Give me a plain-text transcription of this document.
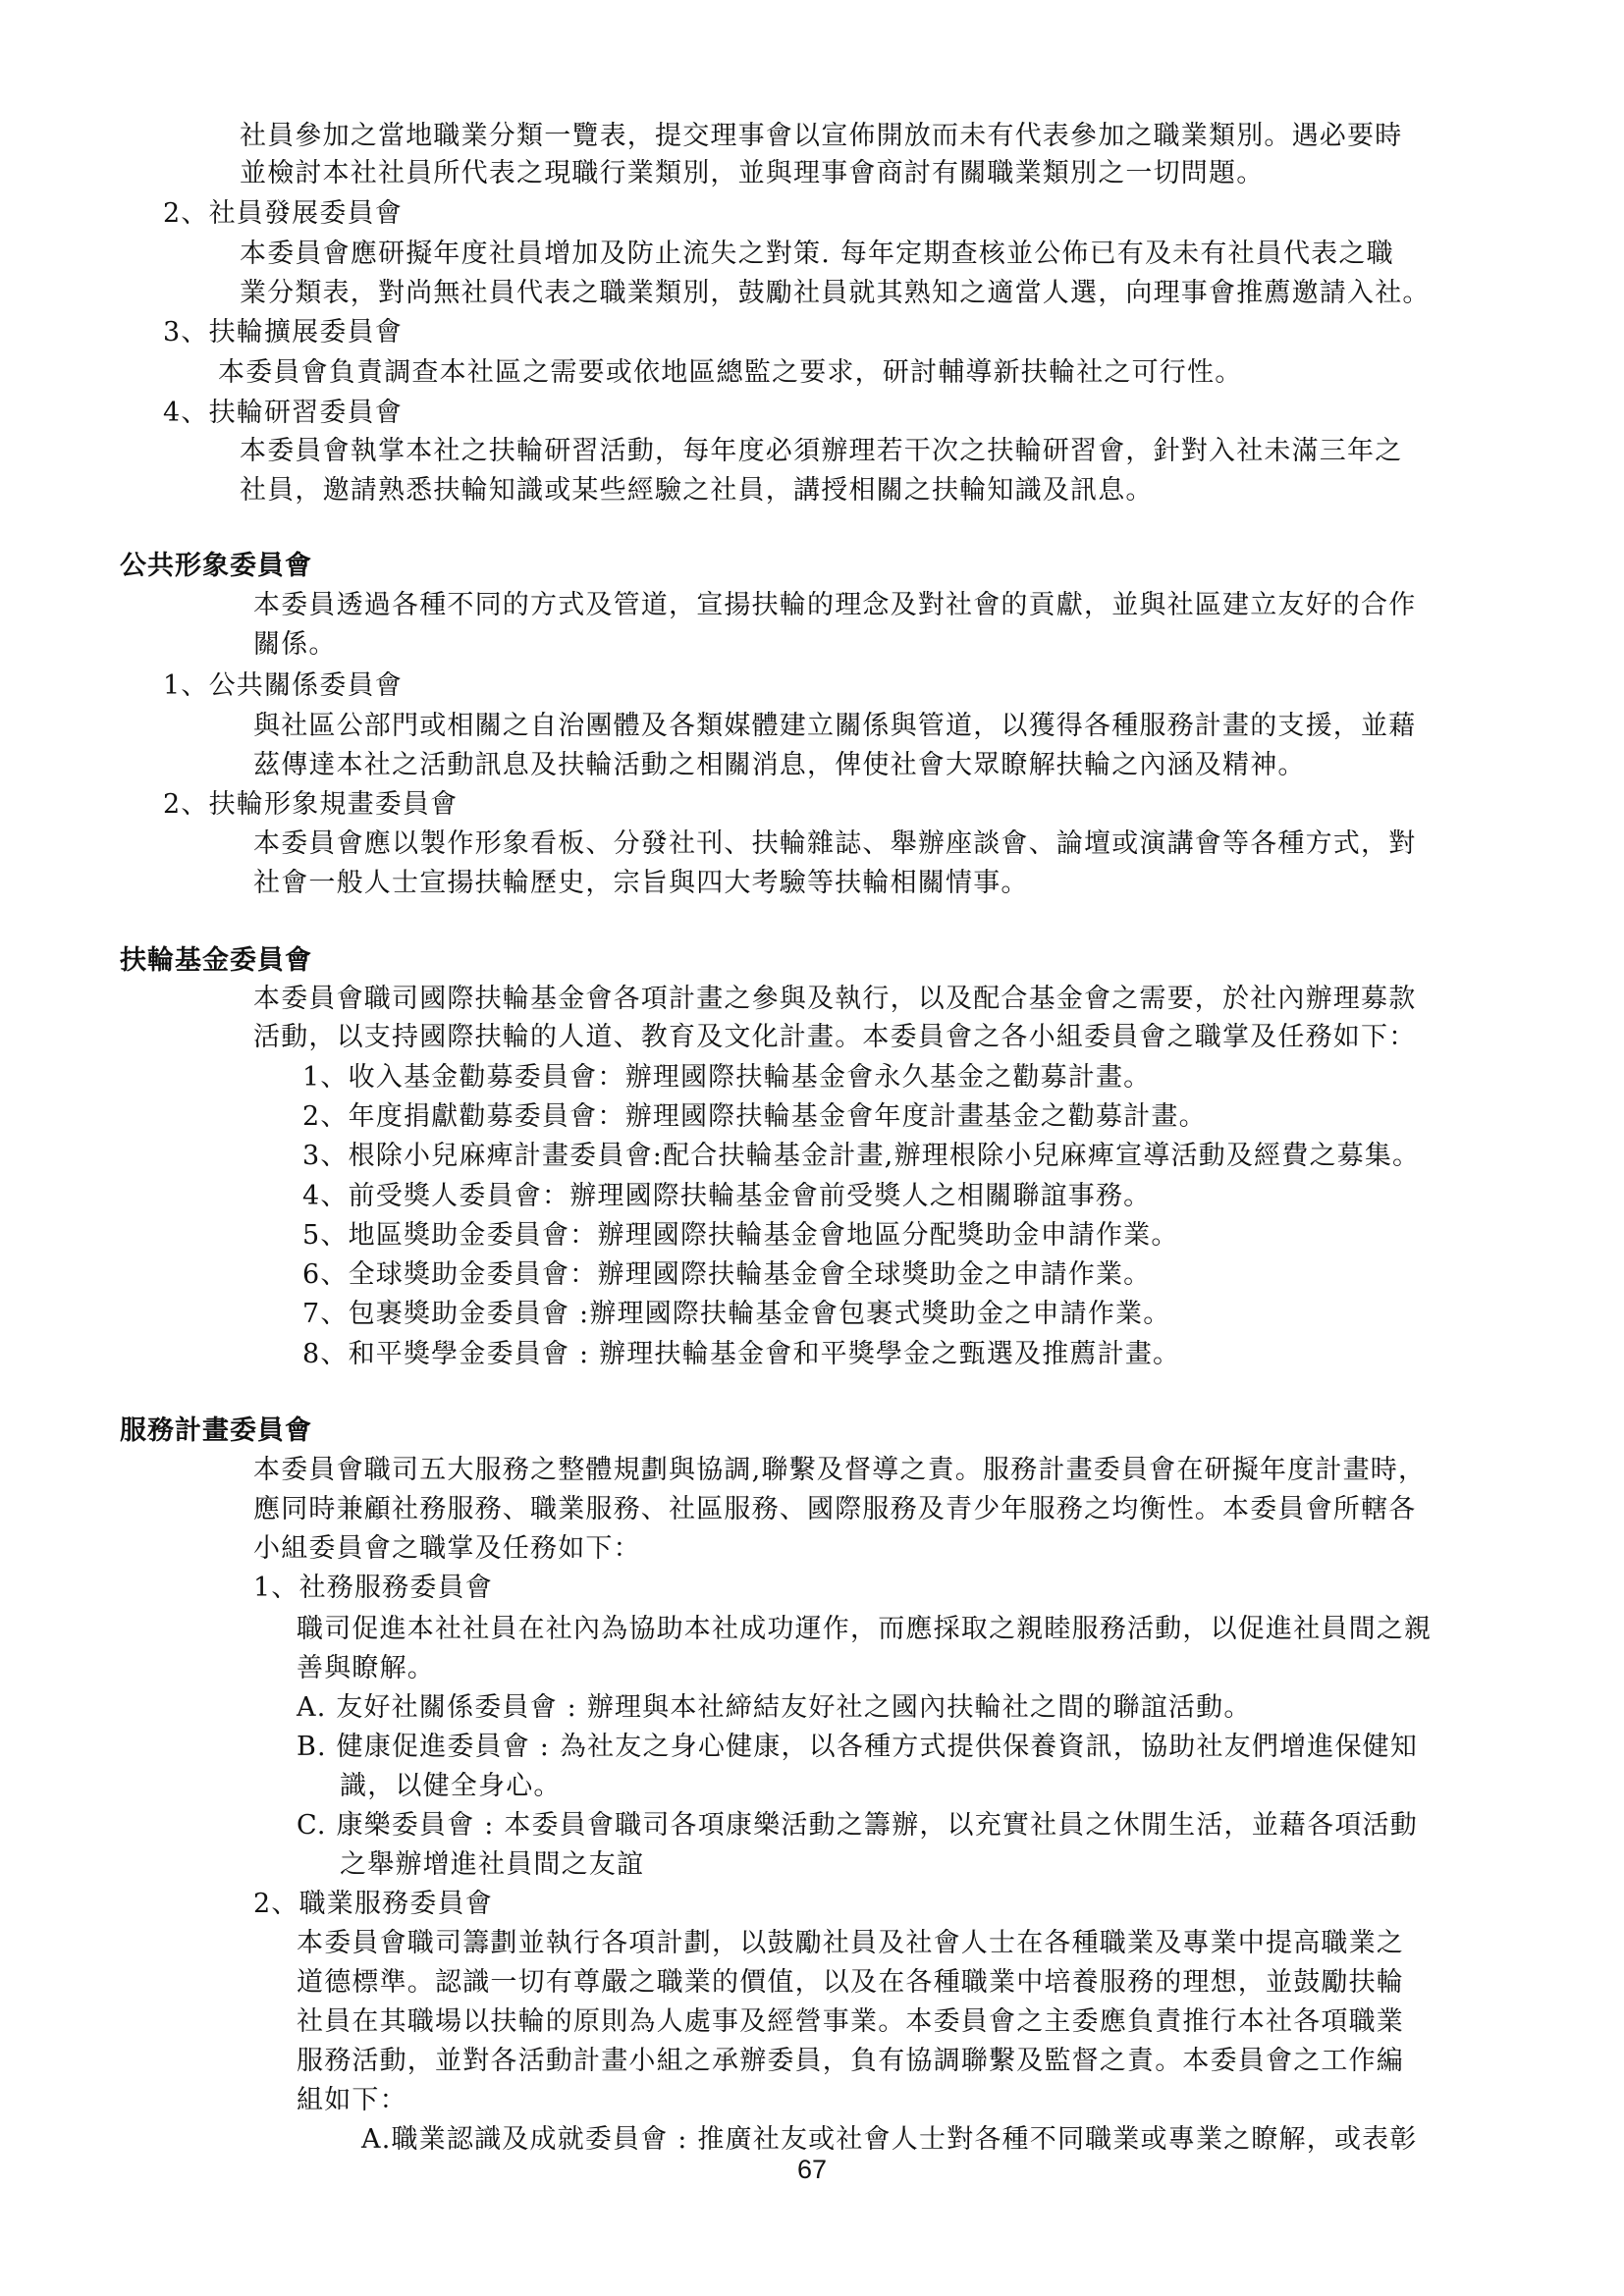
社員參加之當地職業分類一覽表，提交理事會以宣佈開放而未有代表參加之職業類別。遇必要時
並檢討本社社員所代表之現職行業類別，並與理事會商討有關職業類別之一切問題。
2、社員發展委員會
本委員會應研擬年度社員增加及防止流失之對策. 每年定期查核並公佈已有及未有社員代表之職
業分類表，對尚無社員代表之職業類別，鼓勵社員就其熟知之適當人選，向理事會推薦邀請入社。
3、扶輪擴展委員會
本委員會負責調查本社區之需要或依地區總監之要求，研討輔導新扶輪社之可行性。
4、扶輪研習委員會
本委員會執掌本社之扶輪研習活動，每年度必須辦理若干次之扶輪研習會，針對入社未滿三年之
社員，邀請熟悉扶輪知識或某些經驗之社員，講授相關之扶輪知識及訊息。
公共形象委員會
本委員透過各種不同的方式及管道，宣揚扶輪的理念及對社會的貢獻，並與社區建立友好的合作
關係。
1、公共關係委員會
與社區公部門或相關之自治團體及各類媒體建立關係與管道，以獲得各種服務計畫的支援，並藉
茲傳達本社之活動訊息及扶輪活動之相關消息，俾使社會大眾瞭解扶輪之內涵及精神。
2、扶輪形象規畫委員會
本委員會應以製作形象看板、分發社刊、扶輪雜誌、舉辦座談會、論壇或演講會等各種方式，對
社會一般人士宣揚扶輪歷史，宗旨與四大考驗等扶輪相關情事。
扶輪基金委員會
本委員會職司國際扶輪基金會各項計畫之參與及執行，以及配合基金會之需要，於社內辦理募款
活動，以支持國際扶輪的人道、教育及文化計畫。本委員會之各小組委員會之職掌及任務如下：
1、收入基金勸募委員會：辦理國際扶輪基金會永久基金之勸募計畫。
2、年度捐獻勸募委員會：辦理國際扶輪基金會年度計畫基金之勸募計畫。
3、根除小兒麻痺計畫委員會:配合扶輪基金計畫,辦理根除小兒麻痺宣導活動及經費之募集。
4、前受獎人委員會：辦理國際扶輪基金會前受獎人之相關聯誼事務。
5、地區獎助金委員會：辦理國際扶輪基金會地區分配獎助金申請作業。
6、全球獎助金委員會：辦理國際扶輪基金會全球獎助金之申請作業。
7、包裹獎助金委員會 :辦理國際扶輪基金會包裹式獎助金之申請作業。
8、和平獎學金委員會 : 辦理扶輪基金會和平獎學金之甄選及推薦計畫。
服務計畫委員會
本委員會職司五大服務之整體規劃與協調,聯繫及督導之責。服務計畫委員會在研擬年度計畫時，
應同時兼顧社務服務、職業服務、社區服務、國際服務及青少年服務之均衡性。本委員會所轄各
小組委員會之職掌及任務如下：
1、社務服務委員會
職司促進本社社員在社內為協助本社成功運作，而應採取之親睦服務活動，以促進社員間之親
善與瞭解。
A. 友好社關係委員會 : 辦理與本社締結友好社之國內扶輪社之間的聯誼活動。
B. 健康促進委員會 : 為社友之身心健康，以各種方式提供保養資訊，協助社友們增進保健知
識，以健全身心。
C. 康樂委員會 : 本委員會職司各項康樂活動之籌辦，以充實社員之休閒生活，並藉各項活動
之舉辦增進社員間之友誼
2、職業服務委員會
本委員會職司籌劃並執行各項計劃，以鼓勵社員及社會人士在各種職業及專業中提高職業之
道德標準。認識一切有尊嚴之職業的價值，以及在各種職業中培養服務的理想，並鼓勵扶輪
社員在其職場以扶輪的原則為人處事及經營事業。本委員會之主委應負責推行本社各項職業
服務活動，並對各活動計畫小組之承辦委員，負有協調聯繫及監督之責。本委員會之工作編
組如下：
A.職業認識及成就委員會 : 推廣社友或社會人士對各種不同職業或專業之瞭解，或表彰
67
